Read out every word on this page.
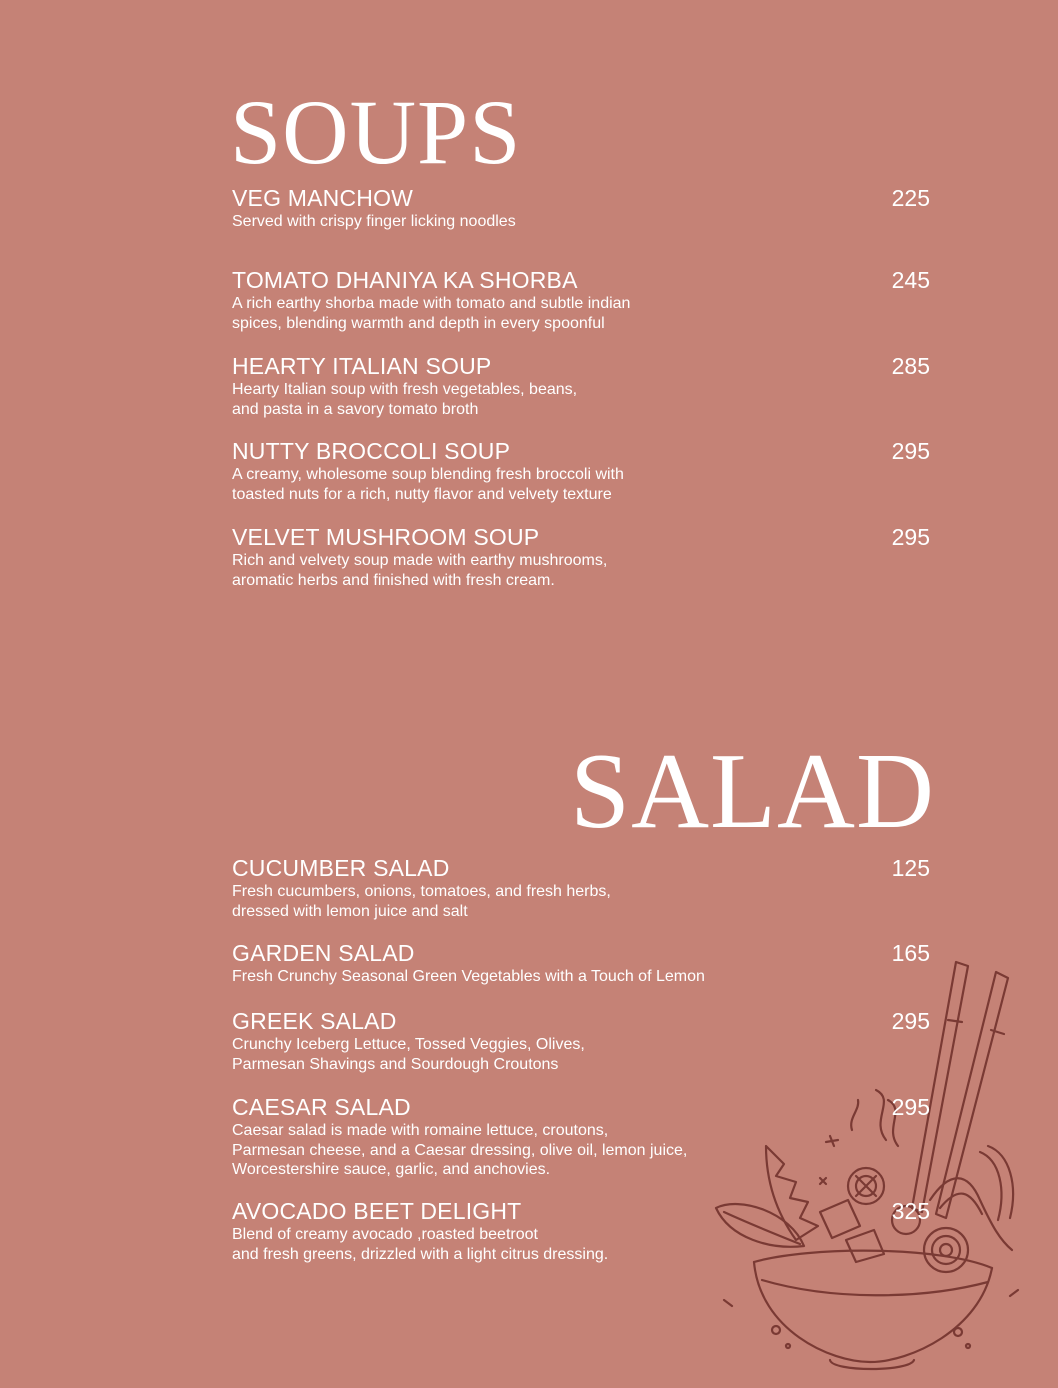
SOUPS
VEG MANCHOW	225
Served with crispy finger licking noodles
TOMATO DHANIYA KA SHORBA	245
A rich earthy shorba made with tomato and subtle indian
spices, blending warmth and depth in every spoonful
HEARTY ITALIAN SOUP	285
Hearty Italian soup with fresh vegetables, beans,
and pasta in a savory tomato broth
NUTTY BROCCOLI SOUP	295
A creamy, wholesome soup blending fresh broccoli with
toasted nuts for a rich, nutty flavor and velvety texture
VELVET MUSHROOM SOUP	295
Rich and velvety soup made with earthy mushrooms,
aromatic herbs and finished with fresh cream.
SALAD
CUCUMBER SALAD	125
Fresh cucumbers, onions, tomatoes, and fresh herbs,
dressed with lemon juice and salt
GARDEN SALAD	165
Fresh Crunchy Seasonal Green Vegetables with a Touch of Lemon
GREEK SALAD	295
Crunchy Iceberg Lettuce, Tossed Veggies, Olives,
Parmesan Shavings and Sourdough Croutons
CAESAR SALAD	295
Caesar salad is made with romaine lettuce, croutons,
Parmesan cheese, and a Caesar dressing, olive oil, lemon juice,
Worcestershire sauce, garlic, and anchovies.
AVOCADO BEET DELIGHT	325
Blend of creamy avocado ,roasted beetroot
and fresh greens, drizzled with a light citrus dressing.
